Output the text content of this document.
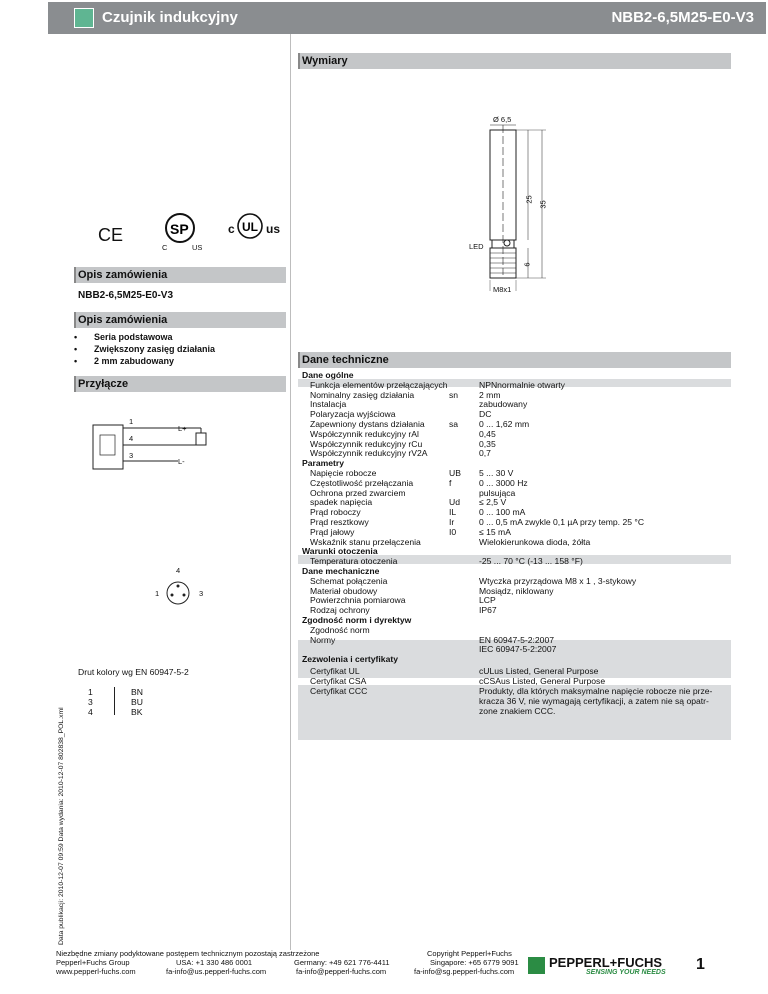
Czujnik indukcyjny	NBB2-6,5M25-E0-V3
Wymiary
Ø 6,5
25
35
6
LED
M8x1
CE	SP
C	US
UL
c	us
Opis zamówienia
NBB2-6,5M25-E0-V3
Opis zamówienia
• Seria podstawowa
• Zwiększony zasięg działania
• 2 mm zabudowany
Przyłącze
1
4
3
L+
L-
4
1	3
Drut kolory wg EN 60947-5-2
1	BN
3	BU
4	BK
Dane techniczne
Dane ogólne
Funkcja elementów przełączających	NPNnormalnie otwarty
Nominalny zasięg działania	sn 2 mm
Instalacja	zabudowany
Polaryzacja wyjściowa	DC
Zapewniony dystans działania	sa 0 ... 1,62 mm
Współczynnik redukcyjny rAl	0,45
Współczynnik redukcyjny rCu	0,35
Współczynnik redukcyjny rV2A	0,7
Parametry
Napięcie robocze	UB 5 ... 30 V
Częstotliwość przełączania	f	0 ... 3000 Hz
Ochrona przed zwarciem	pulsująca
spadek napięcia	Ud ≤ 2,5 V
Prąd roboczy	IL	0 ... 100 mA
Prąd resztkowy	Ir	0 ... 0,5 mA zwykle 0,1 µA przy temp. 25 °C
Prąd jałowy	I0	≤ 15 mA
Wskaźnik stanu przełączenia	Wielokierunkowa dioda, żółta
Warunki otoczenia
Temperatura otoczenia	-25 ... 70 °C (-13 ... 158 °F)
Dane mechaniczne
Schemat połączenia	Wtyczka przyrządowa M8 x 1 , 3-stykowy
Materiał obudowy	Mosiądz, niklowany
Powierzchnia pomiarowa	LCP
Rodzaj ochrony	IP67
Zgodność norm i dyrektyw
Zgodność norm
Normy	EN 60947-5-2:2007
IEC 60947-5-2:2007
Zezwolenia i certyfikaty
Certyfikat UL	cULus Listed, General Purpose
Certyfikat CSA	cCSAus Listed, General Purpose
Certyfikat CCC	Produkty, dla których maksymalne napięcie robocze nie prze-
kracza 36 V, nie wymagają certyfikacji, a zatem nie są opatr-
zone znakiem CCC.
Niezbędne zmiany podyktowane postępem technicznym pozostają zastrzeżone
Pepperl+Fuchs Group
www.pepperl-fuchs.com
USA: +1 330 486 0001
fa-info@us.pepperl-fuchs.com
Germany: +49 621 776-4411
fa-info@pepperl-fuchs.com
Copyright Pepperl+Fuchs
Singapore: +65 6779 9091
fa-info@sg.pepperl-fuchs.com
PEPPERL+FUCHS
SENSING YOUR NEEDS 1
Data publikacji: 2010-12-07 09:59 Data wydania: 2010-12-07 802838_POL.xml
